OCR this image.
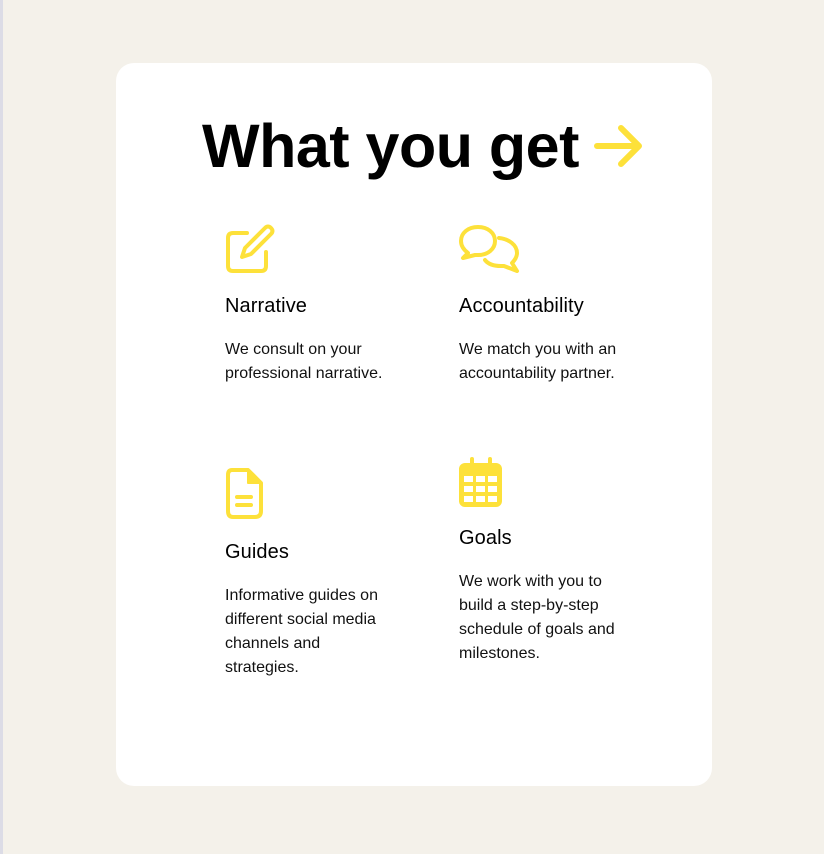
What you get
Narrative

We consult on your professional narrative.

Accountability

We match you with an accountability partner.

Guides

Informative guides on different social media channels and strategies.

Goals

We work with you to build a step-by-step schedule of goals and milestones.
